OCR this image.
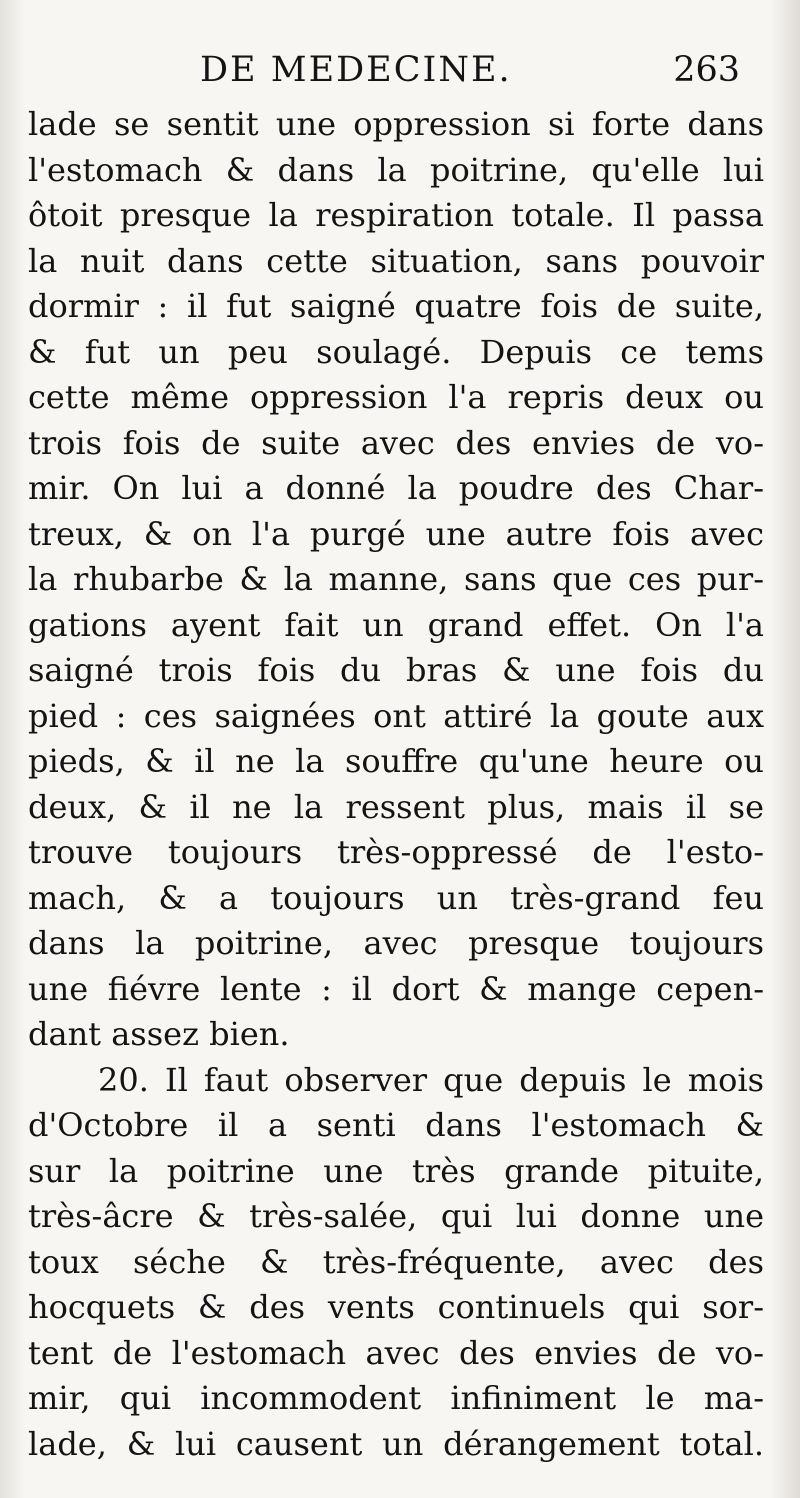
DE MEDECINE.	263
lade se sentit une oppression si forte dans
l'estomach & dans la poitrine, qu'elle lui
ôtoit presque la respiration totale. Il passa
la nuit dans cette situation, sans pouvoir
dormir : il fut saigné quatre fois de suite,
& fut un peu soulagé. Depuis ce tems
cette même oppression l'a repris deux ou
trois fois de suite avec des envies de vo-
mir. On lui a donné la poudre des Char-
treux, & on l'a purgé une autre fois avec
la rhubarbe & la manne, sans que ces pur-
gations ayent fait un grand effet. On l'a
saigné trois fois du bras & une fois du
pied : ces saignées ont attiré la goute aux
pieds, & il ne la souffre qu'une heure ou
deux, & il ne la ressent plus, mais il se
trouve toujours très-oppressé de l'esto-
mach, & a toujours un très-grand feu
dans la poitrine, avec presque toujours
une fiévre lente : il dort & mange cepen-
dant assez bien.
20. Il faut observer que depuis le mois
d'Octobre il a senti dans l'estomach &
sur la poitrine une très grande pituite,
très-âcre & très-salée, qui lui donne une
toux séche & très-fréquente, avec des
hocquets & des vents continuels qui sor-
tent de l'estomach avec des envies de vo-
mir, qui incommodent infiniment le ma-
lade, & lui causent un dérangement total.
